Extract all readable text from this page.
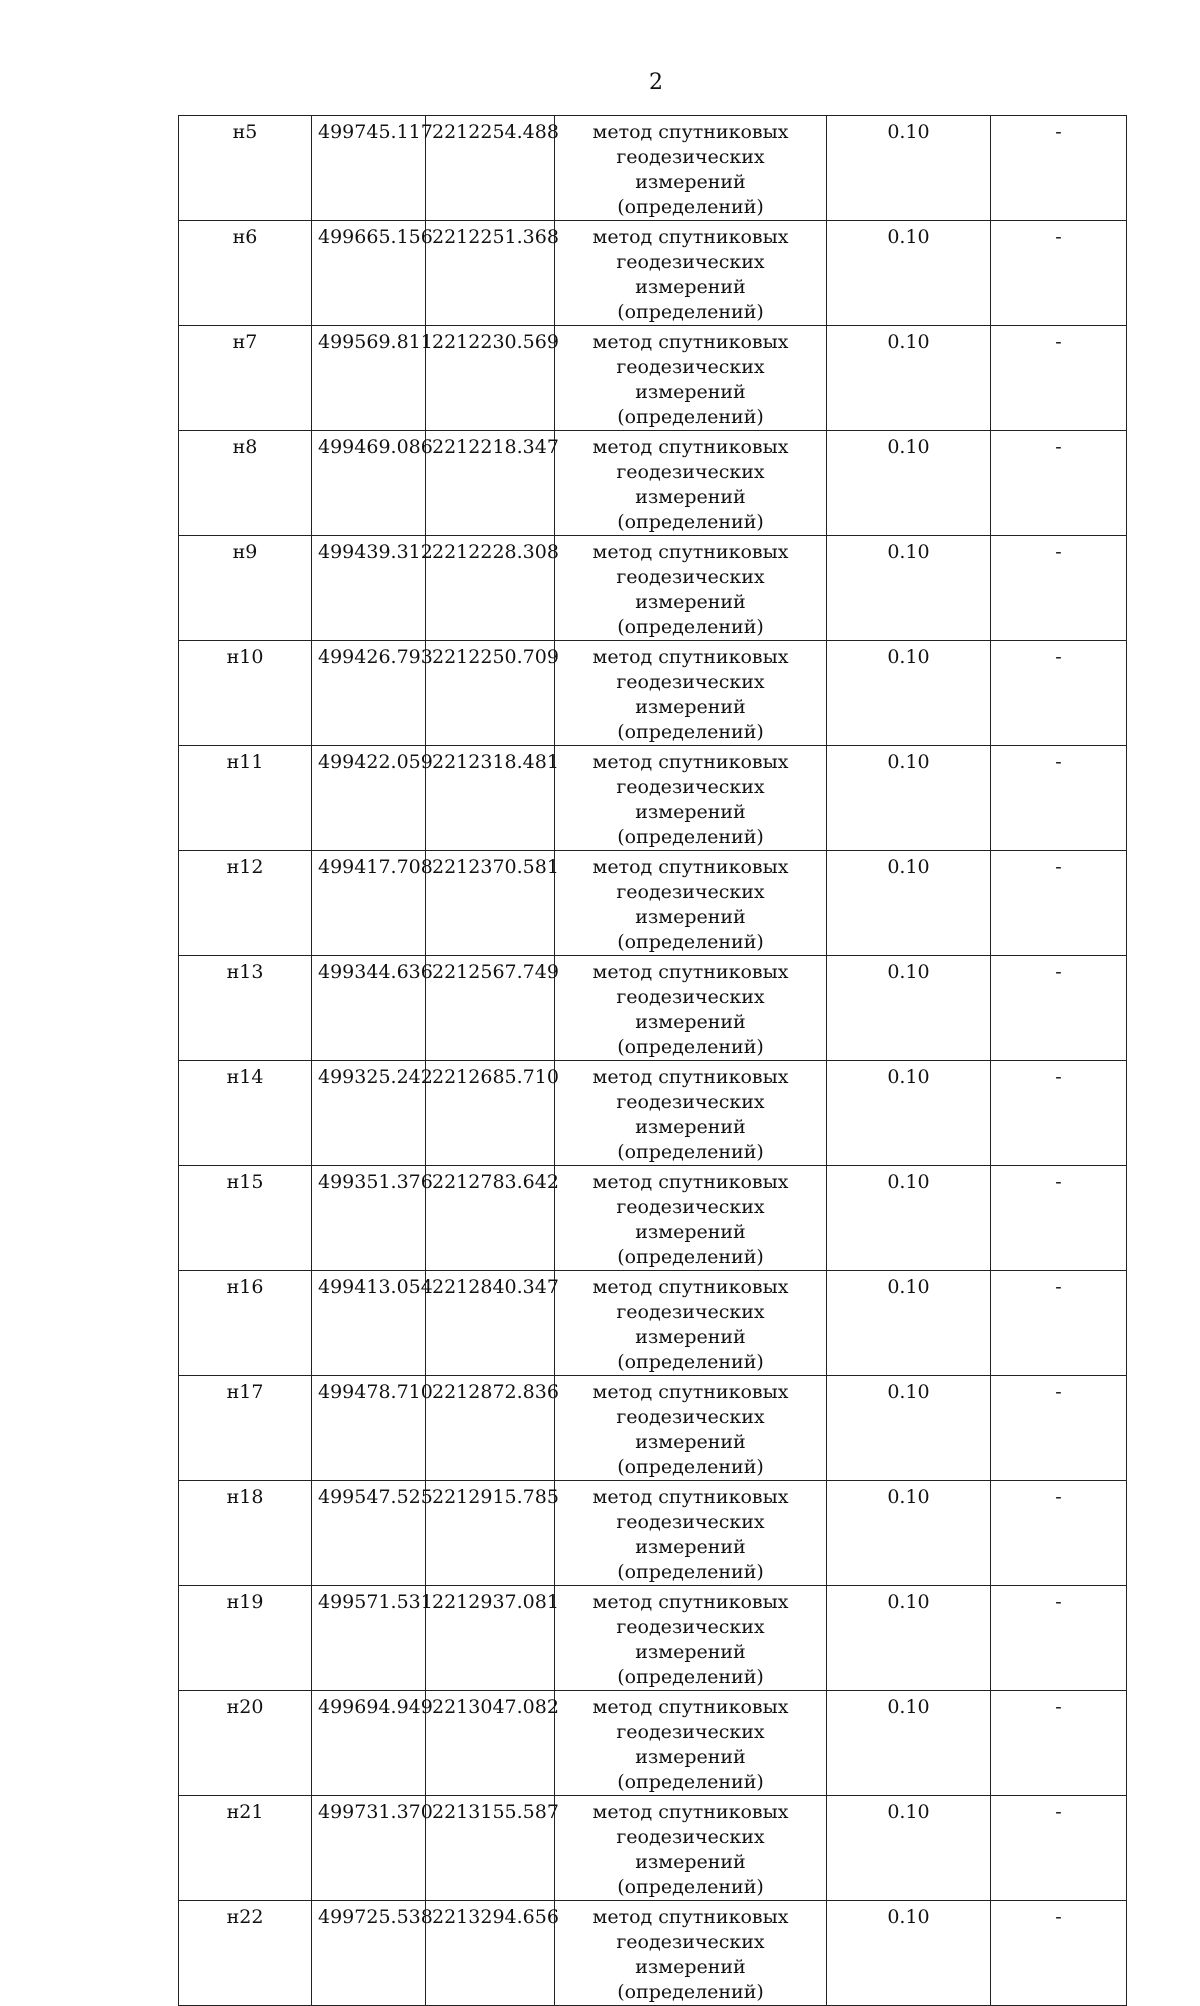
2
н5	499745.117	2212254.488	метод спутниковых геодезических измерений (определений)	0.10	-
н6	499665.156	2212251.368	метод спутниковых геодезических измерений (определений)	0.10	-
н7	499569.811	2212230.569	метод спутниковых геодезических измерений (определений)	0.10	-
н8	499469.086	2212218.347	метод спутниковых геодезических измерений (определений)	0.10	-
н9	499439.312	2212228.308	метод спутниковых геодезических измерений (определений)	0.10	-
н10	499426.793	2212250.709	метод спутниковых геодезических измерений (определений)	0.10	-
н11	499422.059	2212318.481	метод спутниковых геодезических измерений (определений)	0.10	-
н12	499417.708	2212370.581	метод спутниковых геодезических измерений (определений)	0.10	-
н13	499344.636	2212567.749	метод спутниковых геодезических измерений (определений)	0.10	-
н14	499325.242	2212685.710	метод спутниковых геодезических измерений (определений)	0.10	-
н15	499351.376	2212783.642	метод спутниковых геодезических измерений (определений)	0.10	-
н16	499413.054	2212840.347	метод спутниковых геодезических измерений (определений)	0.10	-
н17	499478.710	2212872.836	метод спутниковых геодезических измерений (определений)	0.10	-
н18	499547.525	2212915.785	метод спутниковых геодезических измерений (определений)	0.10	-
н19	499571.531	2212937.081	метод спутниковых геодезических измерений (определений)	0.10	-
н20	499694.949	2213047.082	метод спутниковых геодезических измерений (определений)	0.10	-
н21	499731.370	2213155.587	метод спутниковых геодезических измерений (определений)	0.10	-
н22	499725.538	2213294.656	метод спутниковых геодезических измерений (определений)	0.10	-
